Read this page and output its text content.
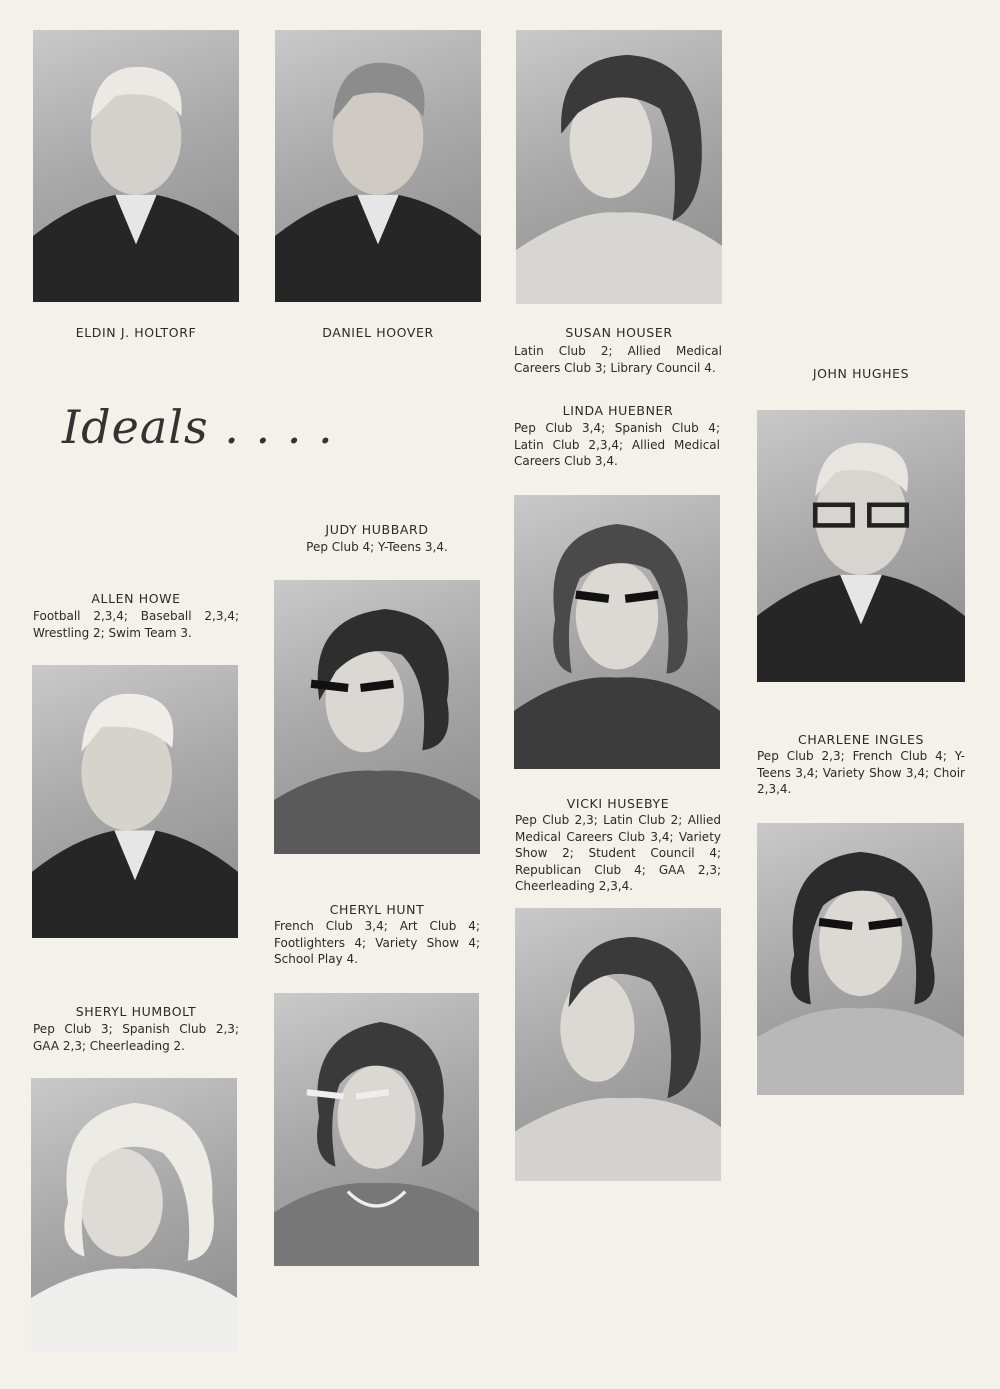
Ideals . . . .
ELDIN J. HOLTORF	DANIEL HOOVER	SUSAN HOUSER
Latin Club 2; Allied Medical Careers Club 3; Library Council 4.	JOHN HUGHES
LINDA HUEBNER
Pep Club 3,4; Spanish Club 4; Latin Club 2,3,4; Allied Medical Careers Club 3,4.
JUDY HUBBARD
Pep Club 4; Y-Teens 3,4.
ALLEN HOWE
Football 2,3,4; Baseball 2,3,4; Wrestling 2; Swim Team 3.
CHARLENE INGLES
Pep Club 2,3; French Club 4; Y-Teens 3,4; Variety Show 3,4; Choir 2,3,4.
VICKI HUSEBYE
Pep Club 2,3; Latin Club 2; Allied Medical Careers Club 3,4; Variety Show 2; Student Council 4; Republican Club 4; GAA 2,3; Cheerleading 2,3,4.
CHERYL HUNT
French Club 3,4; Art Club 4; Footlighters 4; Variety Show 4; School Play 4.
SHERYL HUMBOLT
Pep Club 3; Spanish Club 2,3; GAA 2,3; Cheerleading 2.
